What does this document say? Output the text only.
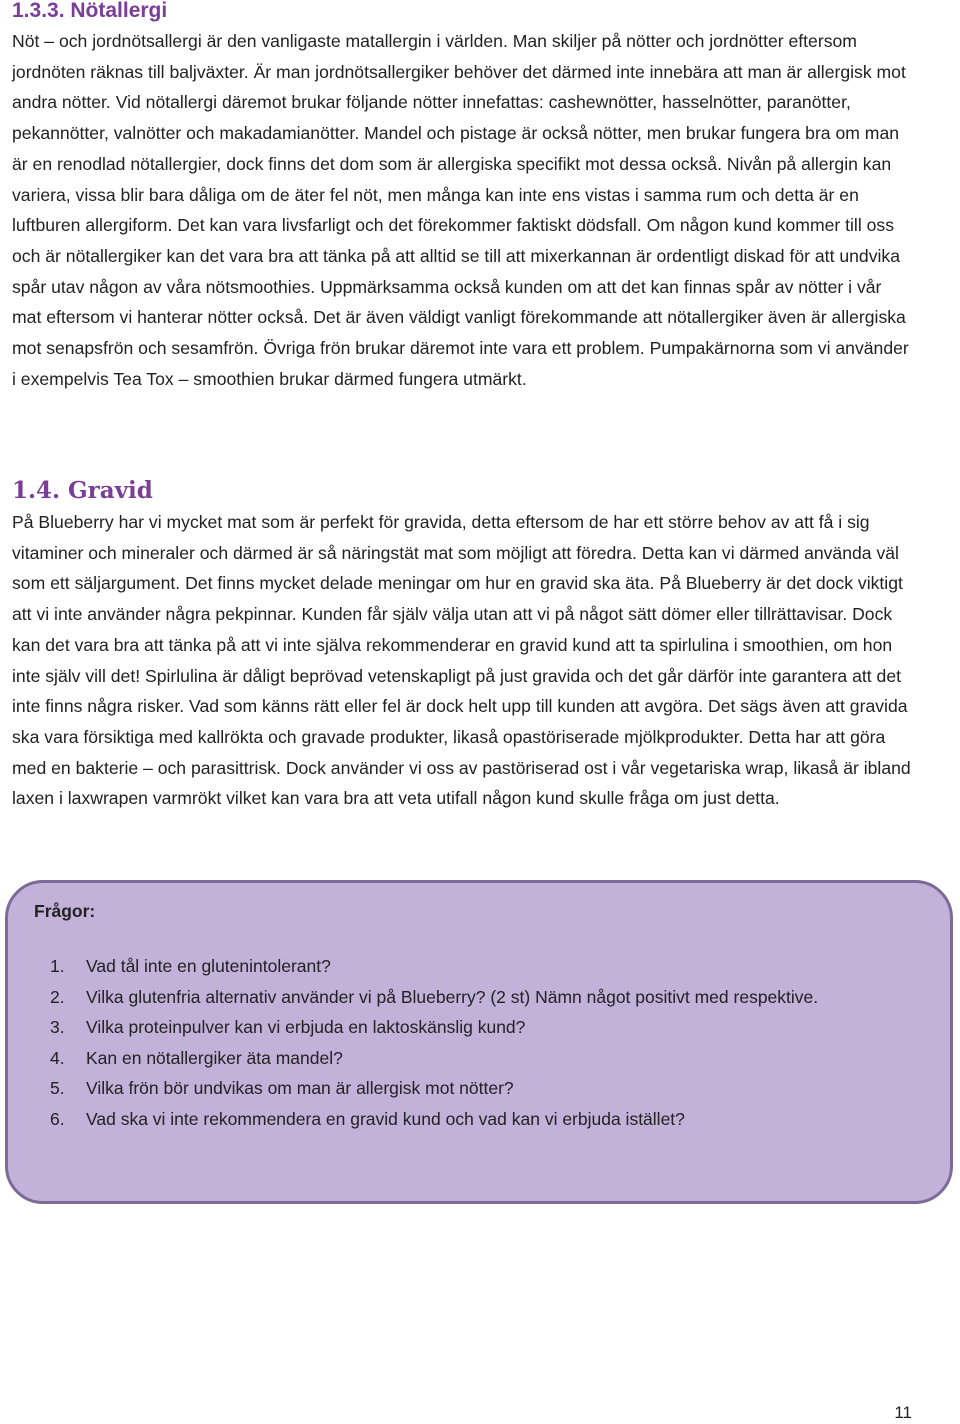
1.3.3. Nötallergi

Nöt – och jordnötsallergi är den vanligaste matallergin i världen. Man skiljer på nötter och jordnötter eftersom jordnöten räknas till baljväxter. Är man jordnötsallergiker behöver det därmed inte innebära att man är allergisk mot andra nötter. Vid nötallergi däremot brukar följande nötter innefattas: cashewnötter, hasselnötter, paranötter, pekannötter, valnötter och makadamianötter. Mandel och pistage är också nötter, men brukar fungera bra om man är en renodlad nötallergier, dock finns det dom som är allergiska specifikt mot dessa också. Nivån på allergin kan variera, vissa blir bara dåliga om de äter fel nöt, men många kan inte ens vistas i samma rum och detta är en luftburen allergiform. Det kan vara livsfarligt och det förekommer faktiskt dödsfall. Om någon kund kommer till oss och är nötallergiker kan det vara bra att tänka på att alltid se till att mixerkannan är ordentligt diskad för att undvika spår utav någon av våra nötsmoothies. Uppmärksamma också kunden om att det kan finnas spår av nötter i vår mat eftersom vi hanterar nötter också. Det är även väldigt vanligt förekommande att nötallergiker även är allergiska mot senapsfrön och sesamfrön. Övriga frön brukar däremot inte vara ett problem. Pumpakärnorna som vi använder i exempelvis Tea Tox – smoothien brukar därmed fungera utmärkt.

1.4. Gravid

På Blueberry har vi mycket mat som är perfekt för gravida, detta eftersom de har ett större behov av att få i sig vitaminer och mineraler och därmed är så näringstät mat som möjligt att föredra. Detta kan vi därmed använda väl som ett säljargument. Det finns mycket delade meningar om hur en gravid ska äta. På Blueberry är det dock viktigt att vi inte använder några pekpinnar. Kunden får själv välja utan att vi på något sätt dömer eller tillrättavisar. Dock kan det vara bra att tänka på att vi inte själva rekommenderar en gravid kund att ta spirlulina i smoothien, om hon inte själv vill det! Spirlulina är dåligt beprövad vetenskapligt på just gravida och det går därför inte garantera att det inte finns några risker. Vad som känns rätt eller fel är dock helt upp till kunden att avgöra. Det sägs även att gravida ska vara försiktiga med kallrökta och gravade produkter, likaså opastöriserade mjölkprodukter. Detta har att göra med en bakterie – och parasittrisk. Dock använder vi oss av pastöriserad ost i vår vegetariska wrap, likaså är ibland laxen i laxwrapen varmrökt vilket kan vara bra att veta utifall någon kund skulle fråga om just detta.

Frågor:

1. Vad tål inte en glutenintolerant?
2. Vilka glutenfria alternativ använder vi på Blueberry? (2 st) Nämn något positivt med respektive.
3. Vilka proteinpulver kan vi erbjuda en laktoskänslig kund?
4. Kan en nötallergiker äta mandel?
5. Vilka frön bör undvikas om man är allergisk mot nötter?
6. Vad ska vi inte rekommendera en gravid kund och vad kan vi erbjuda istället?
11
